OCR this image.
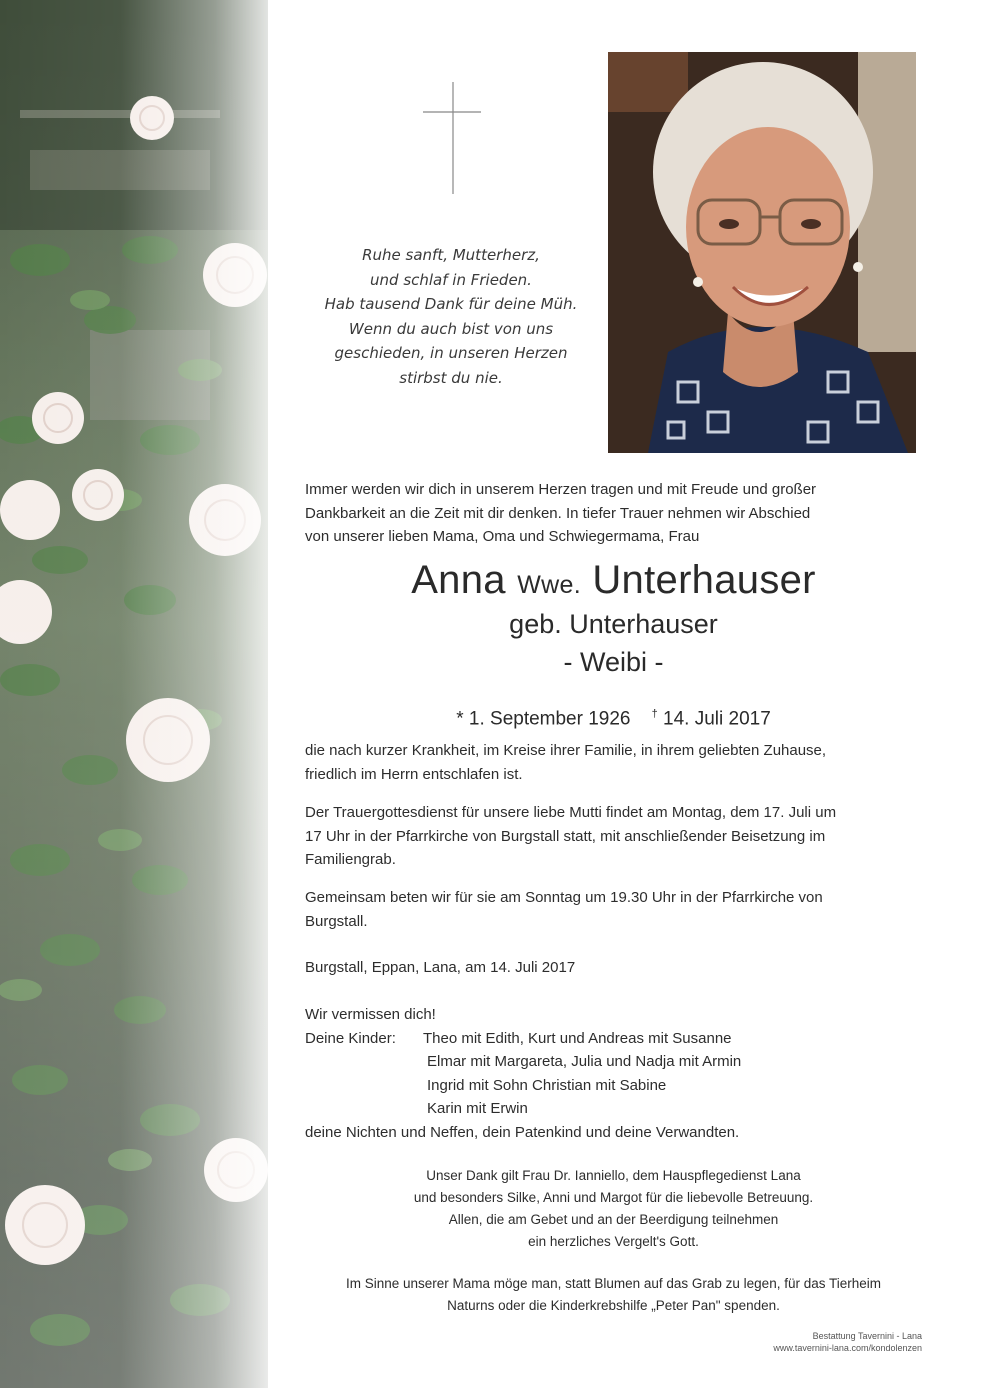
Ruhe sanft, Mutterherz,
und schlaf in Frieden.
Hab tausend Dank für deine Müh.
Wenn du auch bist von uns
geschieden, in unseren Herzen
stirbst du nie.
Immer werden wir dich in unserem Herzen tragen und mit Freude und großer
Dankbarkeit an die Zeit mit dir denken. In tiefer Trauer nehmen wir Abschied
von unserer lieben Mama, Oma und Schwiegermama, Frau
Anna Wwe. Unterhauser
geb. Unterhauser
- Weibi -
* 1. September 1926 † 14. Juli 2017
die nach kurzer Krankheit, im Kreise ihrer Familie, in ihrem geliebten Zuhause,
friedlich im Herrn entschlafen ist.
Der Trauergottesdienst für unsere liebe Mutti findet am Montag, dem 17. Juli um
17 Uhr in der Pfarrkirche von Burgstall statt, mit anschließender Beisetzung im
Familiengrab.
Gemeinsam beten wir für sie am Sonntag um 19.30 Uhr in der Pfarrkirche von
Burgstall.
Burgstall, Eppan, Lana, am 14. Juli 2017
Wir vermissen dich!
Deine Kinder: Theo mit Edith, Kurt und Andreas mit Susanne
Elmar mit Margareta, Julia und Nadja mit Armin
Ingrid mit Sohn Christian mit Sabine
Karin mit Erwin
deine Nichten und Neffen, dein Patenkind und deine Verwandten.
Unser Dank gilt Frau Dr. Ianniello, dem Hauspflegedienst Lana
und besonders Silke, Anni und Margot für die liebevolle Betreuung.
Allen, die am Gebet und an der Beerdigung teilnehmen
ein herzliches Vergelt's Gott.
Im Sinne unserer Mama möge man, statt Blumen auf das Grab zu legen, für das Tierheim
Naturns oder die Kinderkrebshilfe „Peter Pan" spenden.
Bestattung Tavernini - Lana
www.tavernini-lana.com/kondolenzen
